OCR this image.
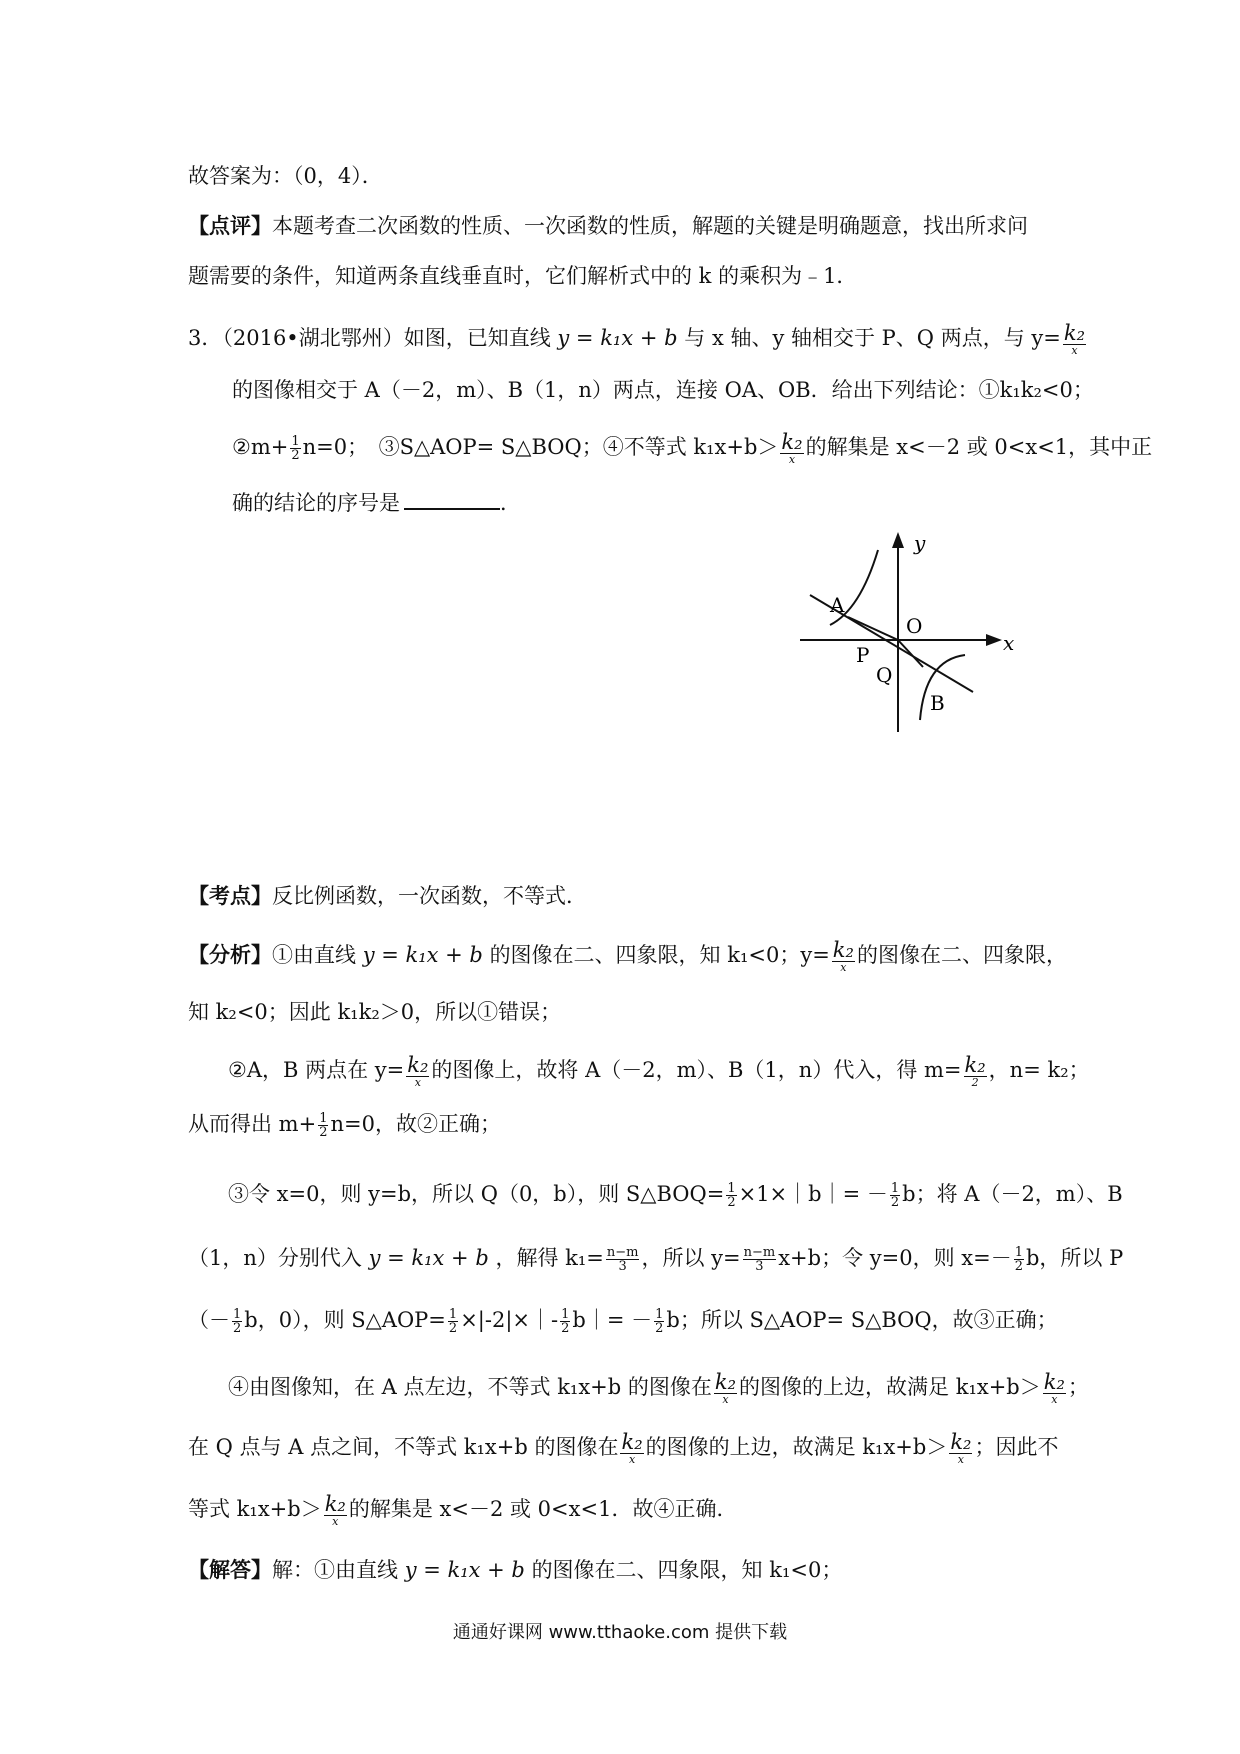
故答案为：（0，4）．
【点评】本题考查二次函数的性质、一次函数的性质，解题的关键是明确题意，找出所求问
题需要的条件，知道两条直线垂直时，它们解析式中的 k 的乘积为﹣1．
3．（2016•湖北鄂州）如图，已知直线 y = k₁x + b 与 x 轴、y 轴相交于 P、Q 两点，与 $y= \frac{\text{k₂}}{x}$
的图像相交于 A（－2，m）、B（1，n）两点，连接 OA、OB．给出下列结论：①k₁k₂<0；
②m+ $\frac{1}{2} n=0$；　③S△AOP= S△BOQ；④不等式 $k_1x+b> \frac{\text{k₂}}{x}$ 的解集是 x<－2 或 0<x<1，其中正
确的结论的序号是	．
y
x
A
O
P
Q
B
【考点】反比例函数，一次函数，不等式．
【分析】①由直线 y = k₁x + b 的图像在二、四象限，知 k₁<0；$y= \frac{\text{k₂}}{x}$ 的图像在二、四象限，
知 k₂<0；因此 k₁k₂＞0，所以①错误；
②A，B 两点在 $y= \frac{\text{k₂}}{x}$ 的图像上，故将 A（－2，m）、B（1，n）代入，得 $m= \frac{\text{k₂}}{2}$ ，n= k₂；
从而得出 $m+ \frac{1}{2} n=0$，故②正确；
③令 x=0，则 y=b，所以 Q（0，b），则 S△BOQ= $\frac{1}{2}$ ×1×｜b｜= － $\frac{1}{2}$ b；将 A（－2，m）、B
（1，n）分别代入 y = k₁x + b ，解得 $k_1= \frac{n-m}{3}$ ，所以 $y= \frac{n-m}{3} x+b$；令 y=0，则 $x=- \frac{1}{2}$ b，所以 P
（－ $\frac{1}{2}$ b，0），则 S△AOP= $\frac{1}{2}$ ×|-2|×｜- $\frac{1}{2}$ b｜= － $\frac{1}{2}$ b；所以 S△AOP= S△BOQ，故③正确；
④由图像知，在 A 点左边，不等式 k₁x+b 的图像在 $\frac{\text{k₂}}{x}$ 的图像的上边，故满足 $k_1x+b> \frac{\text{k₂}}{x}$ ；
在 Q 点与 A 点之间，不等式 k₁x+b 的图像在 $\frac{\text{k₂}}{x}$ 的图像的上边，故满足 $k_1x+b> \frac{\text{k₂}}{x}$ ；因此不
等式 $k_1x+b> \frac{\text{k₂}}{x}$ 的解集是 x<－2 或 0<x<1．故④正确．
【解答】解：①由直线 y = k₁x + b 的图像在二、四象限，知 k₁<0；
通通好课网 www.tthaoke.com 提供下载
